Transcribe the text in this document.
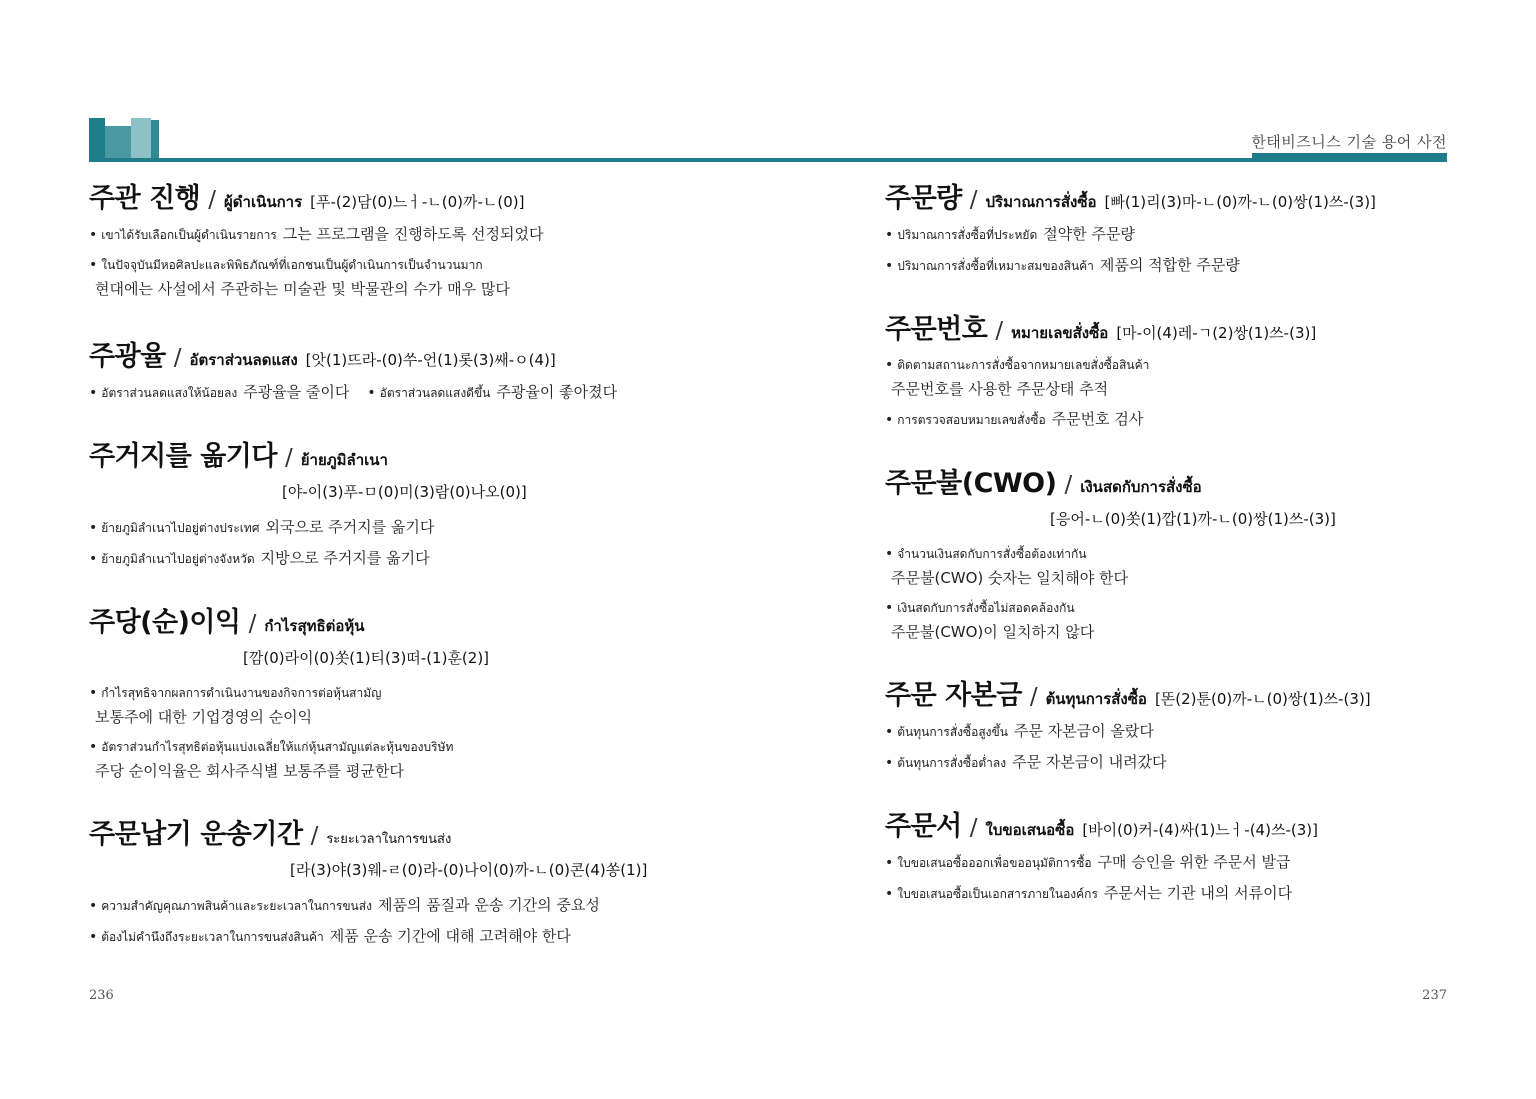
한태비즈니스 기술 용어 사전
주관 진행 / ผู้ดำเนินการ [푸-(2)담(0)느ㅓ-ㄴ(0)까-ㄴ(0)]
• เขาได้รับเลือกเป็นผู้ดำเนินรายการ 그는 프로그램을 진행하도록 선정되었다
• ในปัจจุบันมีหอศิลปะและพิพิธภัณฑ์ที่เอกชนเป็นผู้ดำเนินการเป็นจำนวนมาก
현대에는 사설에서 주관하는 미술관 및 박물관의 수가 매우 많다
주광율 / อัตราส่วนลดแสง [앗(1)뜨라-(0)쑤-언(1)롯(3)쌔-ㅇ(4)]
• อัตราส่วนลดแสงให้น้อยลง 주광율을 줄이다 • อัตราส่วนลดแสงดีขึ้น 주광율이 좋아졌다
주거지를 옮기다 / ย้ายภูมิลำเนา
[야-이(3)푸-ㅁ(0)미(3)람(0)나오(0)]
• ย้ายภูมิลำเนาไปอยู่ต่างประเทศ 외국으로 주거지를 옮기다
• ย้ายภูมิลำเนาไปอยู่ต่างจังหวัด 지방으로 주거지를 옮기다
주당(순)이익 / กำไรสุทธิต่อหุ้น
[깜(0)라이(0)쏫(1)티(3)떠-(1)훈(2)]
• กำไรสุทธิจากผลการดำเนินงานของกิจการต่อหุ้นสามัญ
보통주에 대한 기업경영의 순이익
• อัตราส่วนกำไรสุทธิต่อหุ้นแบ่งเฉลี่ยให้แก่หุ้นสามัญแต่ละหุ้นของบริษัท
주당 순이익율은 회사주식별 보통주를 평균한다
주문납기 운송기간 / ระยะเวลาในการขนส่ง
[라(3)야(3)웨-ㄹ(0)라-(0)나이(0)까-ㄴ(0)콘(4)쏭(1)]
• ความสำคัญคุณภาพสินค้าและระยะเวลาในการขนส่ง 제품의 품질과 운송 기간의 중요성
• ต้องไม่คำนึงถึงระยะเวลาในการขนส่งสินค้า 제품 운송 기간에 대해 고려해야 한다
주문량 / ปริมาณการสั่งซื้อ [빠(1)리(3)마-ㄴ(0)까-ㄴ(0)쌍(1)쓰-(3)]
• ปริมาณการสั่งซื้อที่ประหยัด 절약한 주문량
• ปริมาณการสั่งซื้อที่เหมาะสมของสินค้า 제품의 적합한 주문량
주문번호 / หมายเลขสั่งซื้อ [마-이(4)레-ㄱ(2)쌍(1)쓰-(3)]
• ติดตามสถานะการสั่งซื้อจากหมายเลขสั่งซื้อสินค้า
주문번호를 사용한 주문상태 추적
• การตรวจสอบหมายเลขสั่งซื้อ 주문번호 검사
주문불(CWO) / เงินสดกับการสั่งซื้อ
[응어-ㄴ(0)쏫(1)깝(1)까-ㄴ(0)쌍(1)쓰-(3)]
• จำนวนเงินสดกับการสั่งซื้อต้องเท่ากัน
주문불(CWO) 숫자는 일치해야 한다
• เงินสดกับการสั่งซื้อไม่สอดคล้องกัน
주문불(CWO)이 일치하지 않다
주문 자본금 / ต้นทุนการสั่งซื้อ [똔(2)툰(0)까-ㄴ(0)쌍(1)쓰-(3)]
• ต้นทุนการสั่งซื้อสูงขึ้น 주문 자본금이 올랐다
• ต้นทุนการสั่งซื้อต่ำลง 주문 자본금이 내려갔다
주문서 / ใบขอเสนอซื้อ [바이(0)커-(4)싸(1)느ㅓ-(4)쓰-(3)]
• ใบขอเสนอซื้อออกเพื่อขออนุมัติการซื้อ 구매 승인을 위한 주문서 발급
• ใบขอเสนอซื้อเป็นเอกสารภายในองค์กร 주문서는 기관 내의 서류이다
236	237
